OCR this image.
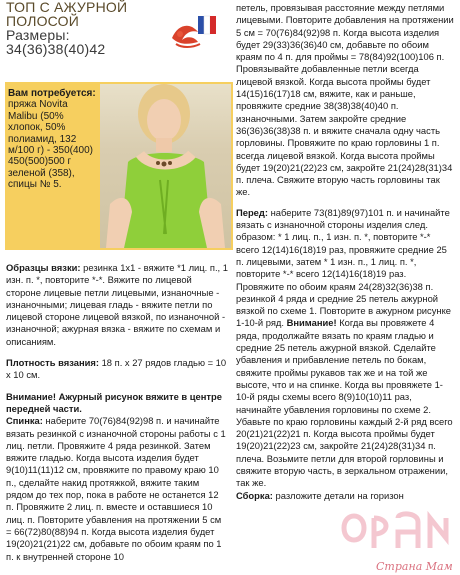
ТОП С АЖУРНОЙ
ПОЛОСОЙ
Размеры:
34(36)38(40)42
Вам потребуется: пряжа Novita Malibu (50% хлопок, 50% полиамид, 132 м/100 г) - 350(400) 450(500)500 г зеленой (358), спицы № 5.

Образцы вязки: резинка 1х1 - вяжите *1 лиц. п., 1 изн. п. *, повторите *-*. Вяжите по лицевой стороне лицевые петли лицевыми, изнаночные - изнаночными; лицевая гладь - вяжите петли по лицевой стороне лицевой вязкой, по изнаночной - изнаночной; ажурная вязка - вяжите по схемам и описаниям.

Плотность вязания: 18 п. х 27 рядов гладью = 10 х 10 см.

Внимание! Ажурный рисунок вяжите в центре передней части.

Спинка: наберите 70(76)84(92)98 п. и начинайте вязать резинкой с изнаночной стороны работы с 1 лиц. петли. Провяжите 4 ряда резинкой. Затем вяжите гладью. Когда высота изделия будет 9(10)11(11)12 см, провяжите по правому краю 10 п., сделайте накид протяжкой, вяжите таким рядом до тех пор, пока в работе не останется 12 п. Провяжите 2 лиц. п. вместе и оставшиеся 10 лиц. п. Повторите убавления на протяжении 5 см = 66(72)80(88)94 п. Когда высота изделия будет 19(20)21(21)22 см, добавьте по обоим краям по 1 п. к внутренней стороне 10

петель, провязывая расстояние между петлями лицевыми. Повторите добавления на протяжении 5 см = 70(76)84(92)98 п. Когда высота изделия будет 29(33)36(36)40 см, добавьте по обоим краям по 4 п. для проймы = 78(84)92(100)106 п. Провязывайте добавленные петли всегда лицевой вязкой. Когда высота проймы будет 14(15)16(17)18 см, вяжите, как и раньше, провяжите средние 38(38)38(40)40 п. изнаночными. Затем закройте средние 36(36)36(38)38 п. и вяжите сначала одну часть горловины. Провяжите по краю горловины 1 п. всегда лицевой вязкой. Когда высота проймы будет 19(20)21(22)23 см, закройте 21(24)28(31)34 п. плеча. Свяжите вторую часть горловины так же.

Перед: наберите 73(81)89(97)101 п. и начинайте вязать с изнаночной стороны изделия след. образом: * 1 лиц. п., 1 изн. п. *, повторите *-* всего 12(14)16(18)19 раз, провяжите средние 25 п. лицевыми, затем * 1 изн. п., 1 лиц. п. *, повторите *-* всего 12(14)16(18)19 раз. Провяжите по обоим краям 24(28)32(36)38 п. резинкой 4 ряда и средние 25 петель ажурной вязкой по схеме 1. Повторите в ажурном рисунке 1-10-й ряд. Внимание! Когда вы провяжете 4 ряда, продолжайте вязать по краям гладью и средние 25 петель ажурной вязкой. Сделайте убавления и прибавление петель по бокам, свяжите проймы рукавов так же и на той же высоте, что и на спинке. Когда вы провяжете 1-10-й ряды схемы всего 8(9)10(10)11 раз, начинайте убавления горловины по схеме 2. Убавьте по краю горловины каждый 2-й ряд всего 20(21)21(22)21 п. Когда высота проймы будет 19(20)21(22)23 см, закройте 21(24)28(31)34 п. плеча. Возьмите петли для второй горловины и свяжите вторую часть, в зеркальном отражении, так же.

Сборка: разложите детали на горизон

Страна Мам
